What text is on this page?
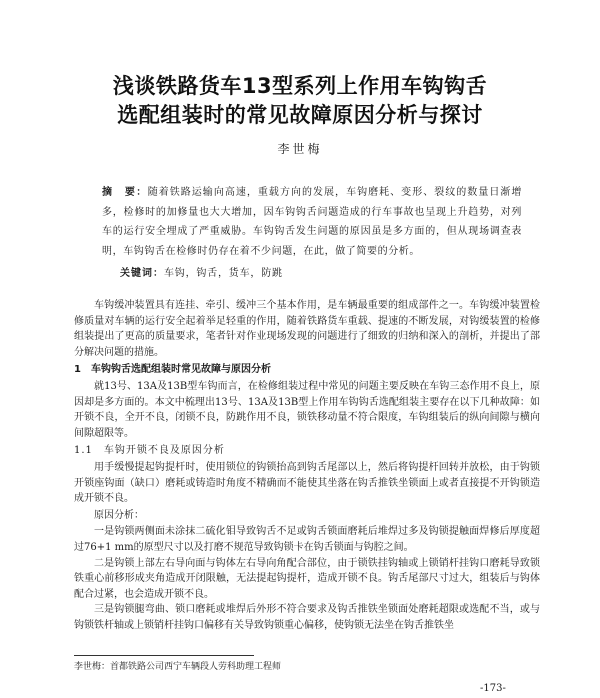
浅谈铁路货车13型系列上作用车钩钩舌
选配组装时的常见故障原因分析与探讨
李世梅
摘　要：随着铁路运输向高速，重载方向的发展，车钩磨耗、变形、裂纹的数量日渐增多，检修时的加修量也大大增加，因车钩钩舌问题造成的行车事故也呈现上升趋势，对列车的运行安全埋成了严重威胁。车钩钩舌发生问题的原因虽是多方面的，但从现场调查表明，车钩钩舌在检修时仍存在着不少问题，在此，做了简要的分析。
关键词：车钩，钩舌，货车，防跳

车钩缓冲装置具有连挂、牵引、缓冲三个基本作用，是车辆最重要的组成部件之一。车钩缓冲装置检修质量对车辆的运行安全起着举足轻重的作用，随着铁路货车重载、提速的不断发展，对钩缓装置的检修组装提出了更高的质量要求，笔者针对作业现场发现的问题进行了细致的归纳和深入的剖析，并提出了部分解决问题的措施。

1　车钩钩舌选配组装时常见故障与原因分析

就13号、13A及13B型车钩而言，在检修组装过程中常见的问题主要反映在车钩三态作用不良上，原因却是多方面的。本文中梳理出13号、13A及13B型上作用车钩钩舌选配组装主要存在以下几种故障：如开锁不良，全开不良，闭锁不良，防跳作用不良，锁铁移动量不符合限度，车钩组装后的纵向间隙与横向间隙超限等。

1.1　车钩开锁不良及原因分析

用手缓慢提起钩提杆时，使用锁位的钩锁抬高到钩舌尾部以上，然后将钩提杆回转并放松，由于钩锁开锁座钩面（缺口）磨耗或铸造时角度不精确而不能使其坐落在钩舌推铁坐锁面上或者直接提不开钩锁造成开锁不良。

原因分析：

一是钩锁两侧面未涂抹二硫化钼导致钩舌不足或钩舌锁面磨耗后堆焊过多及钩锁提触面焊修后厚度超过76+1 mm的原型尺寸以及打磨不规范导致钩锁卡在钩舌锁面与钩腔之间。

二是钩锁上部左右导向面与钩体左右导向角配合部位，由于锁铁挂钩轴或上锁销杆挂钩口磨耗导致锁铁重心前移形成夹角造成开闭限触，无法提起钩提杆，造成开锁不良。钩舌尾部尺寸过大，组装后与钩体配合过紧，也会造成开锁不良。

三是钩锁腿弯曲、锁口磨耗或堆焊后外形不符合要求及钩舌推铁坐锁面处磨耗超限或选配不当，或与钩锁铁杆轴或上锁销杆挂钩口偏移有关导致钩锁重心偏移，使钩锁无法坐在钩舌推铁坐

李世梅：首都铁路公司西宁车辆段人劳科助理工程师
-173-
